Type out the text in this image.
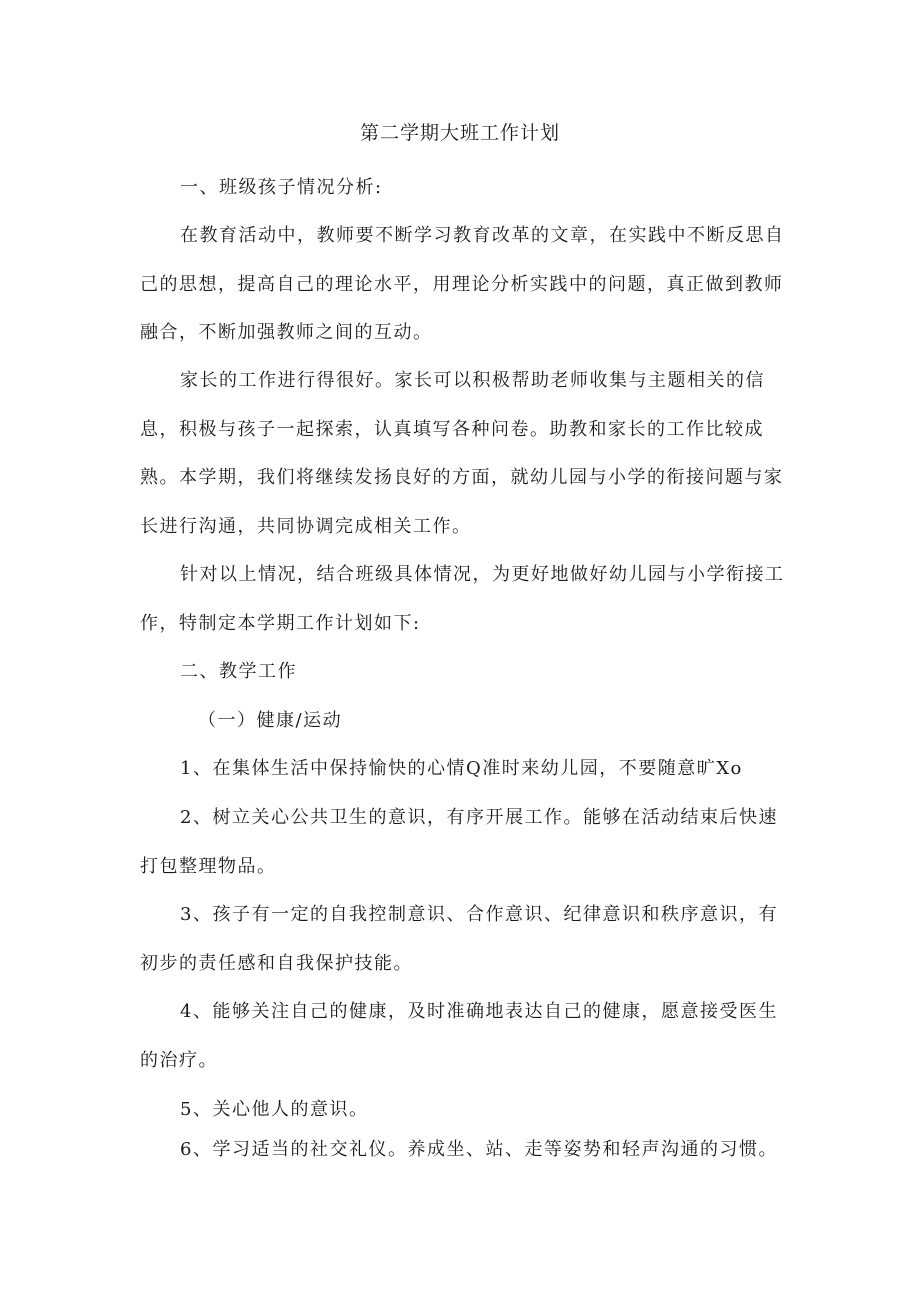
第二学期大班工作计划

一、班级孩子情况分析:

在教育活动中，教师要不断学习教育改革的文章，在实践中不断反思自己的思想，提高自己的理论水平，用理论分析实践中的问题，真正做到教师融合，不断加强教师之间的互动。

家长的工作进行得很好。家长可以积极帮助老师收集与主题相关的信息，积极与孩子一起探索，认真填写各种问卷。助教和家长的工作比较成熟。本学期，我们将继续发扬良好的方面，就幼儿园与小学的衔接问题与家长进行沟通，共同协调完成相关工作。

针对以上情况，结合班级具体情况，为更好地做好幼儿园与小学衔接工作，特制定本学期工作计划如下:

二、教学工作

（一）健康/运动

1、在集体生活中保持愉快的心情Q准时来幼儿园，不要随意旷Xo

2、树立关心公共卫生的意识，有序开展工作。能够在活动结束后快速打包整理物品。

3、孩子有一定的自我控制意识、合作意识、纪律意识和秩序意识，有初步的责任感和自我保护技能。

4、能够关注自己的健康，及时准确地表达自己的健康，愿意接受医生的治疗。

5、关心他人的意识。

6、学习适当的社交礼仪。养成坐、站、走等姿势和轻声沟通的习惯。
